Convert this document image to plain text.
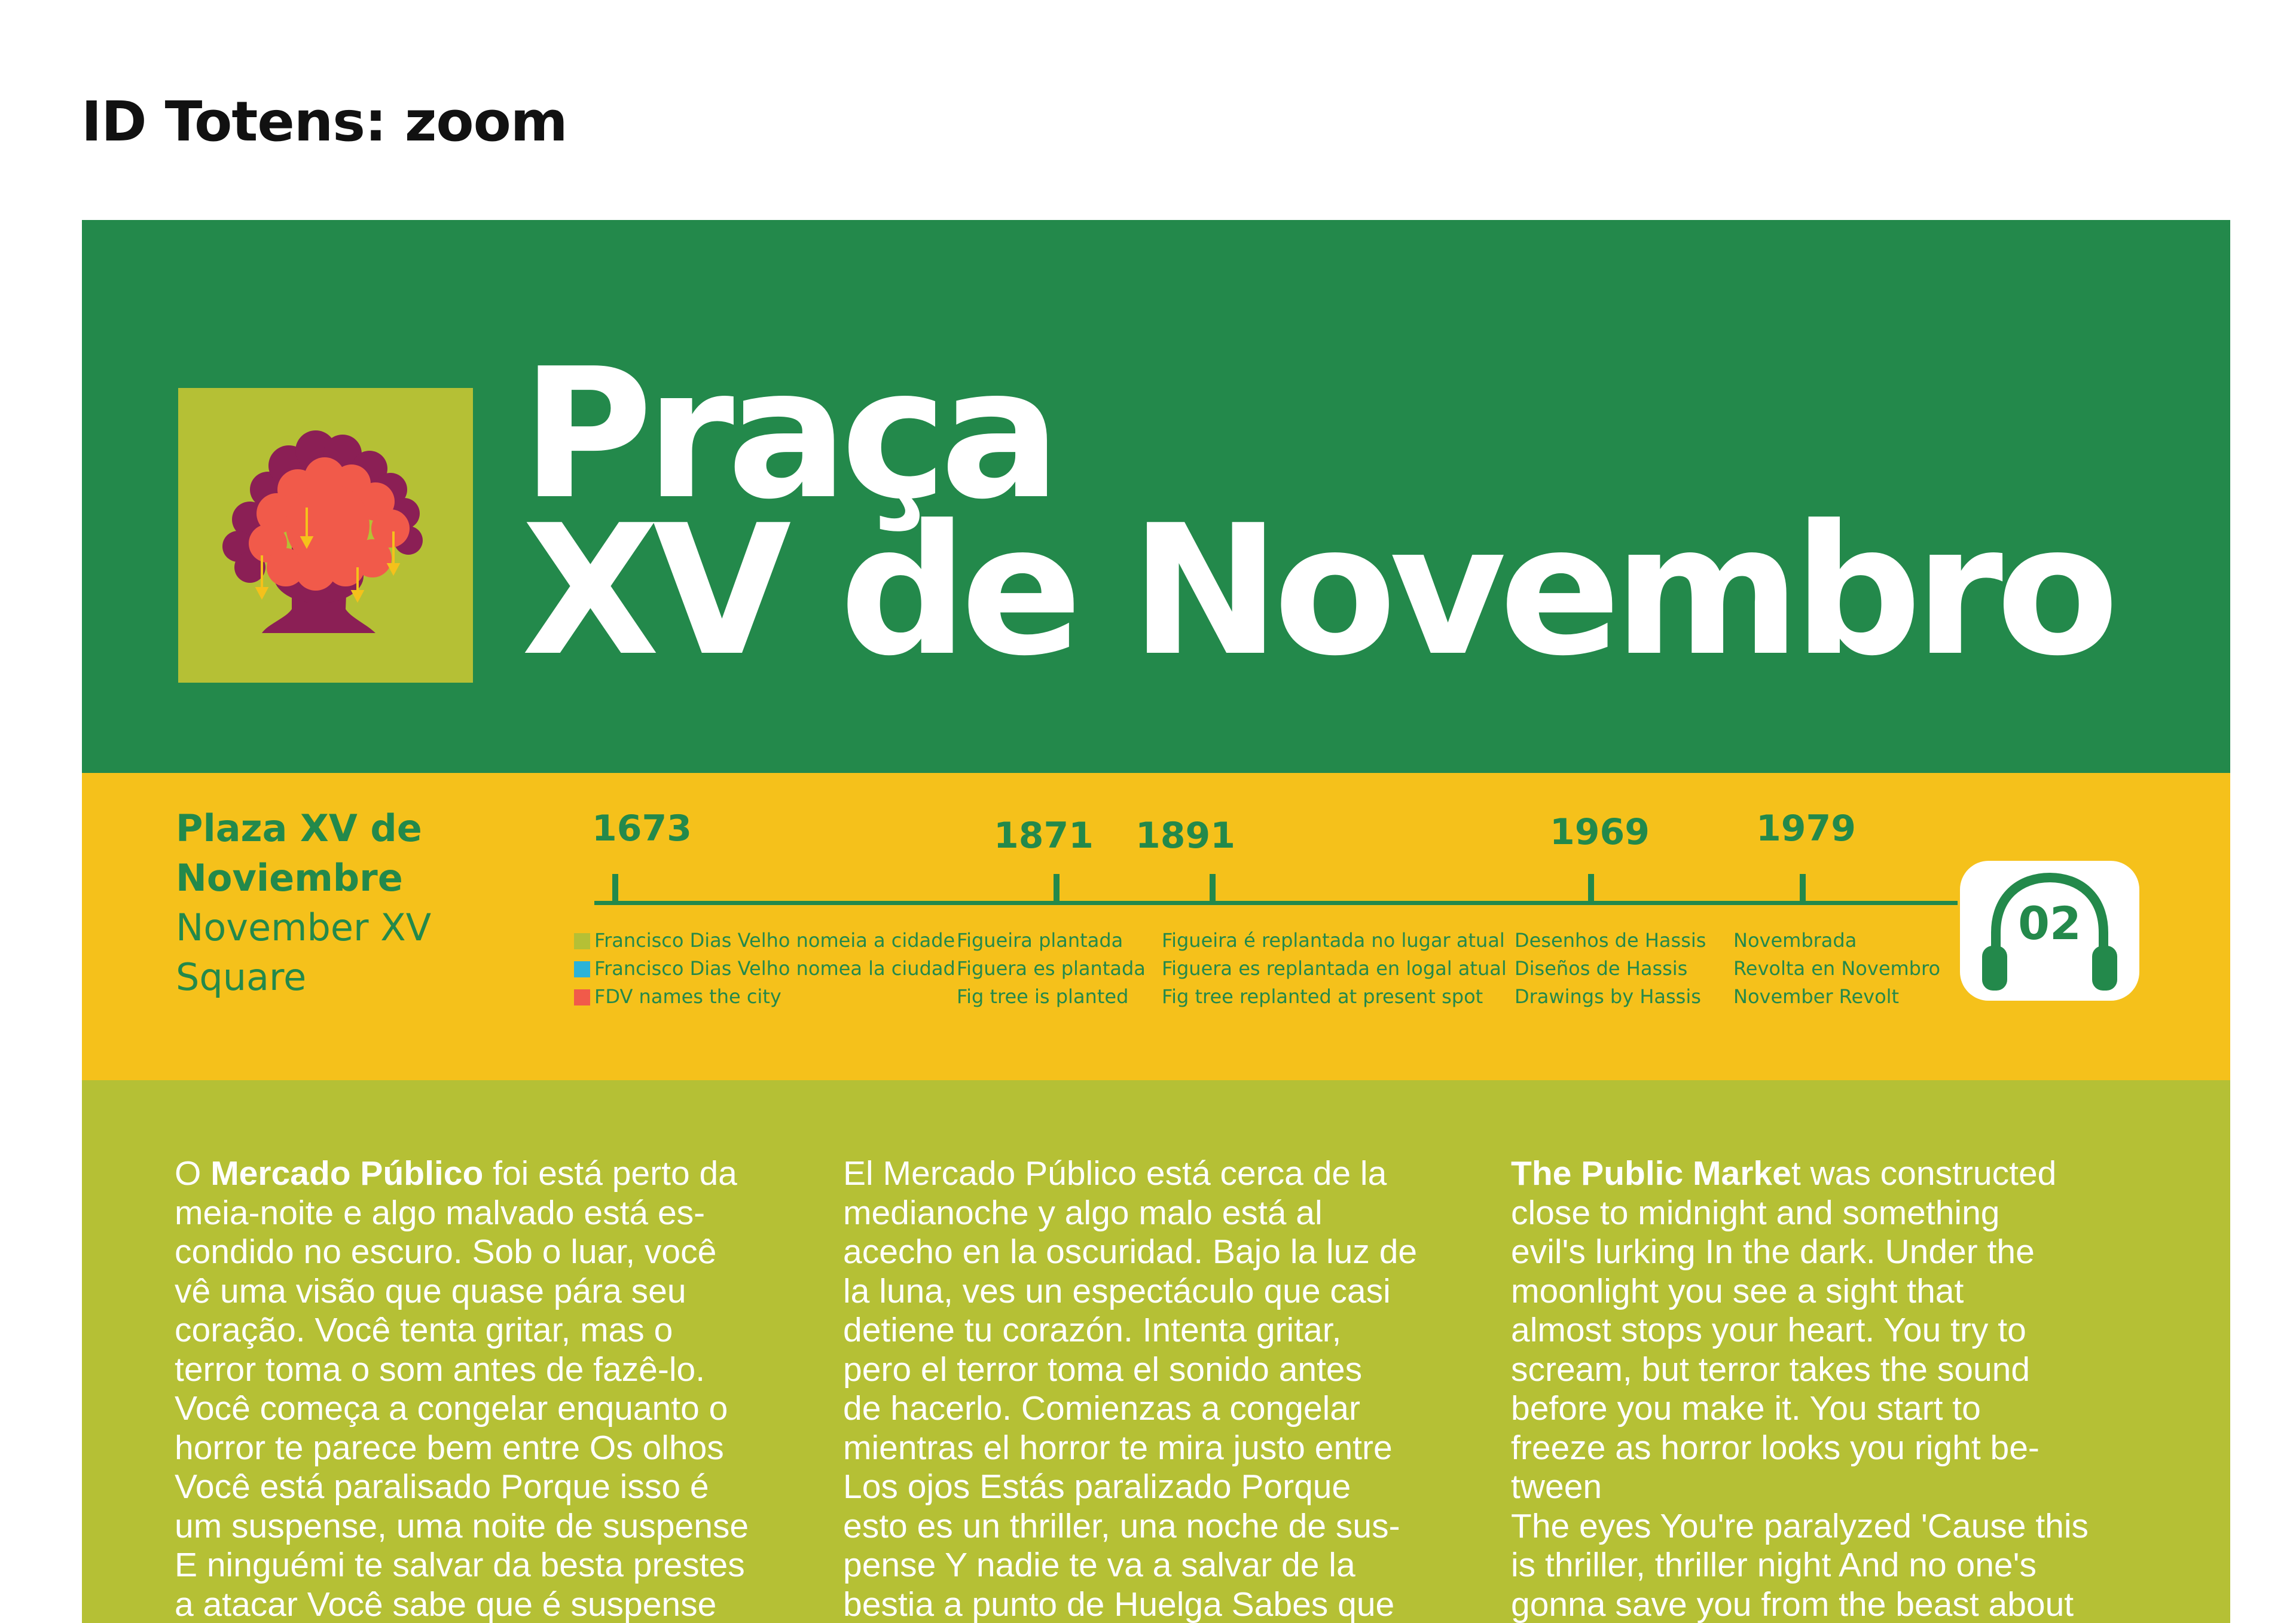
ID Totens: zoom
Praça
XV de Novembro
Plaza XV de
Noviembre
November XV
Square
1673	1871 1891	1969	1979
Francisco Dias Velho nomeia a cidade
Francisco Dias Velho nomea la ciudad
FDV names the city
Figueira plantada
Figuera es plantada
Fig tree is planted
Figueira é replantada no lugar atual
Figuera es replantada en logal atual
Fig tree replanted at present spot
Desenhos de Hassis
Diseños de Hassis
Drawings by Hassis
Novembrada
Revolta en Novembro
November Revolt
02

O Mercado Público foi está perto da

meia-noite e algo malvado está es-

condido no escuro. Sob o luar, você

vê uma visão que quase pára seu

coração. Você tenta gritar, mas o

terror toma o som antes de fazê-lo.

Você começa a congelar enquanto o

horror te parece bem entre Os olhos

Você está paralisado Porque isso é

um suspense, uma noite de suspense

E ninguémi te salvar da besta prestes

a atacar Você sabe que é suspense

El Mercado Público está cerca de la

medianoche y algo malo está al

acecho en la oscuridad. Bajo la luz de

la luna, ves un espectáculo que casi

detiene tu corazón. Intenta gritar,

pero el terror toma el sonido antes

de hacerlo. Comienzas a congelar

mientras el horror te mira justo entre

Los ojos Estás paralizado Porque

esto es un thriller, una noche de sus-

pense Y nadie te va a salvar de la

bestia a punto de Huelga Sabes que

The Public Market was constructed

close to midnight and something

evil's lurking In the dark. Under the

moonlight you see a sight that

almost stops your heart. You try to

scream, but terror takes the sound

before you make it. You start to

freeze as horror looks you right be-

tween

The eyes You're paralyzed 'Cause this

is thriller, thriller night And no one's

gonna save you from the beast about
